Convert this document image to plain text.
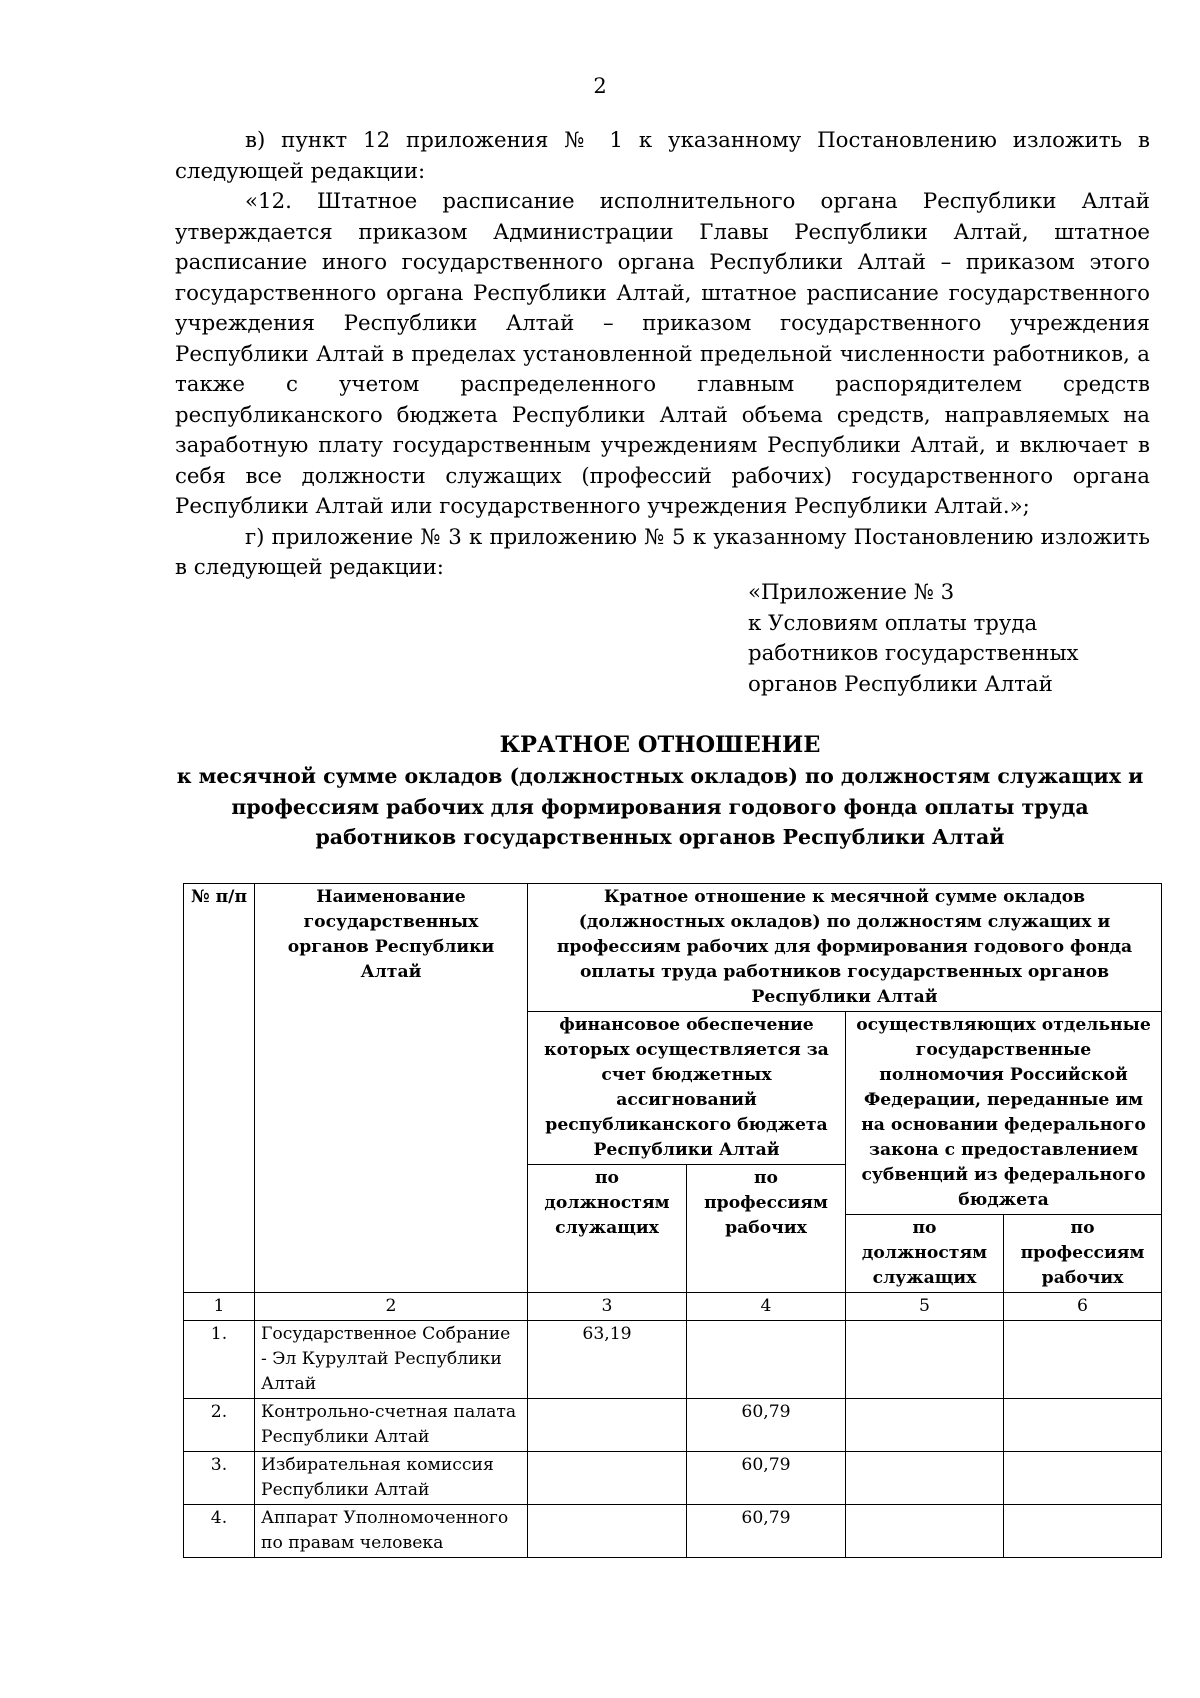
2

в) пункт 12 приложения № 1 к указанному Постановлению изложить в следующей редакции:

«12. Штатное расписание исполнительного органа Республики Алтай утверждается приказом Администрации Главы Республики Алтай, штатное расписание иного государственного органа Республики Алтай – приказом этого государственного органа Республики Алтай, штатное расписание государственного учреждения Республики Алтай – приказом государственного учреждения Республики Алтай в пределах установленной предельной численности работников, а также с учетом распределенного главным распорядителем средств республиканского бюджета Республики Алтай объема средств, направляемых на заработную плату государственным учреждениям Республики Алтай, и включает в себя все должности служащих (профессий рабочих) государственного органа Республики Алтай или государственного учреждения Республики Алтай.»;

г) приложение № 3 к приложению № 5 к указанному Постановлению изложить в следующей редакции:

«Приложение № 3
к Условиям оплаты труда
работников государственных
органов Республики Алтай
КРАТНОЕ ОТНОШЕНИЕ
к месячной сумме окладов (должностных окладов) по должностям служащих и профессиям рабочих для формирования годового фонда оплаты труда работников государственных органов Республики Алтай
№ п/п	Наименование государственных органов Республики Алтай	Кратное отношение к месячной сумме окладов (должностных окладов) по должностям служащих и профессиям рабочих для формирования годового фонда оплаты труда работников государственных органов Республики Алтай			
		финансовое обеспечение которых осуществляется за счет бюджетных ассигнований республиканского бюджета Республики Алтай		осуществляющих отдельные государственные полномочия Российской Федерации, переданные им на основании федерального закона с предоставлением субвенций из федерального бюджета	
		по должностям служащих	по профессиям рабочих		
				по должностям служащих	по профессиям рабочих
1	2	3	4	5	6
1.	Государственное Собрание - Эл Курултай Республики Алтай	63,19			
2.	Контрольно-счетная палата Республики Алтай		60,79		
3.	Избирательная комиссия Республики Алтай		60,79		
4.	Аппарат Уполномоченного по правам человека		60,79		
